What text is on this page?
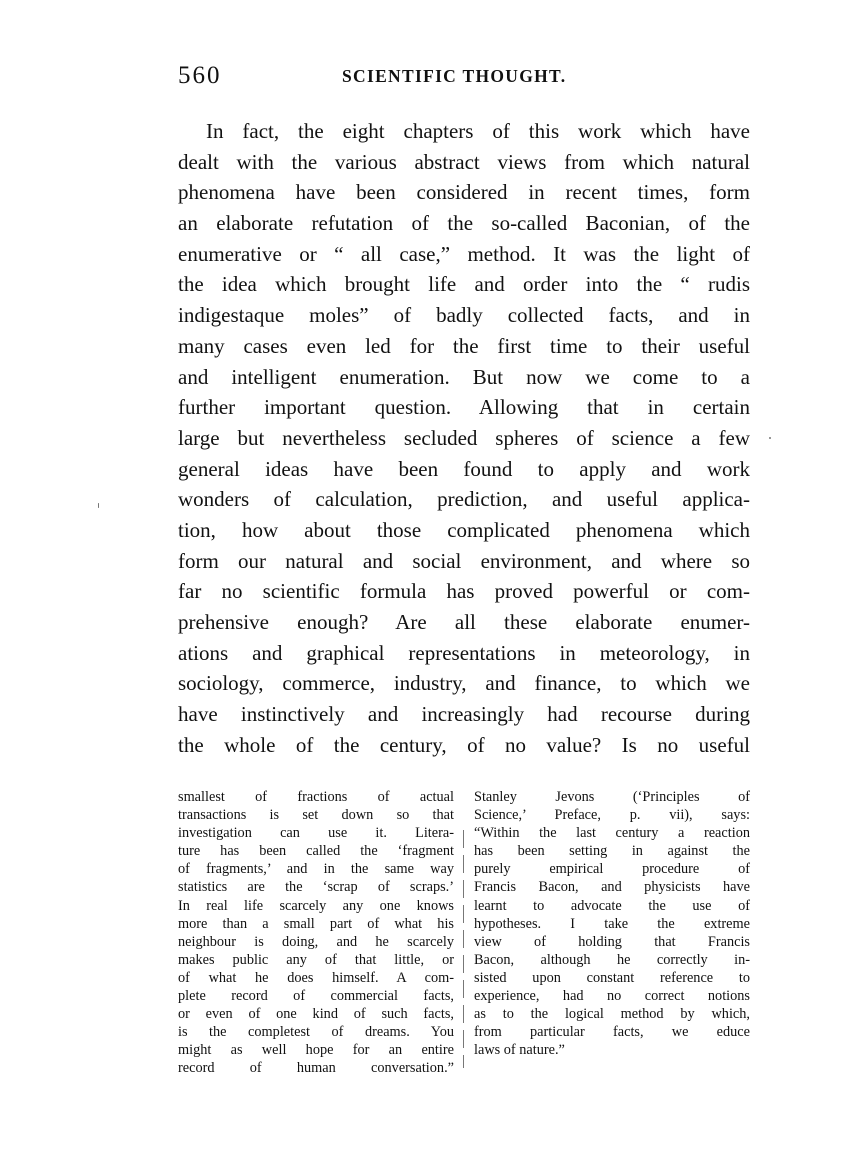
560	SCIENTIFIC THOUGHT.
In fact, the eight chapters of this work which have
dealt with the various abstract views from which natural
phenomena have been considered in recent times, form
an elaborate refutation of the so-called Baconian, of the
enumerative or “ all case,” method. It was the light of
the idea which brought life and order into the “ rudis
indigestaque moles” of badly collected facts, and in
many cases even led for the first time to their useful
and intelligent enumeration. But now we come to a
further important question. Allowing that in certain
large but nevertheless secluded spheres of science a few
general ideas have been found to apply and work
wonders of calculation, prediction, and useful applica-
tion, how about those complicated phenomena which
form our natural and social environment, and where so
far no scientific formula has proved powerful or com-
prehensive enough? Are all these elaborate enumer-
ations and graphical representations in meteorology, in
sociology, commerce, industry, and finance, to which we
have instinctively and increasingly had recourse during
the whole of the century, of no value? Is no useful
smallest of fractions of actual
transactions is set down so that
investigation can use it. Litera-
ture has been called the ‘fragment
of fragments,’ and in the same way
statistics are the ‘scrap of scraps.’
In real life scarcely any one knows
more than a small part of what his
neighbour is doing, and he scarcely
makes public any of that little, or
of what he does himself. A com-
plete record of commercial facts,
or even of one kind of such facts,
is the completest of dreams. You
might as well hope for an entire
record of human conversation.”
Stanley Jevons (‘Principles of
Science,’ Preface, p. vii), says:
“Within the last century a reaction
has been setting in against the
purely empirical procedure of
Francis Bacon, and physicists have
learnt to advocate the use of
hypotheses. I take the extreme
view of holding that Francis
Bacon, although he correctly in-
sisted upon constant reference to
experience, had no correct notions
as to the logical method by which,
from particular facts, we educe
laws of nature.”
